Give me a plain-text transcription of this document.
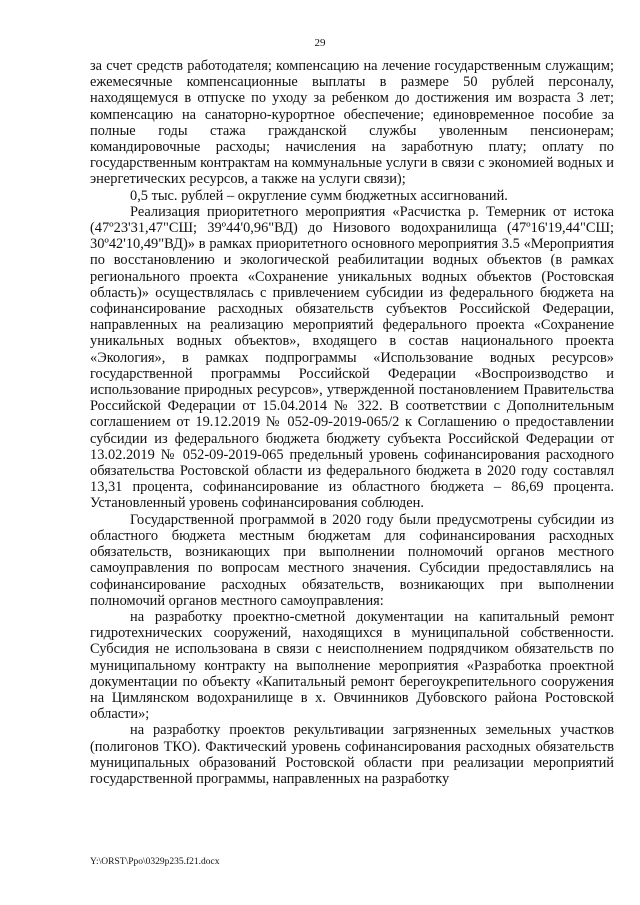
29

за счет средств работодателя; компенсацию на лечение государственным служащим; ежемесячные компенсационные выплаты в размере 50 рублей персоналу, находящемуся в отпуске по уходу за ребенком до достижения им возраста 3 лет; компенсацию на санаторно-курортное обеспечение; единовременное пособие за полные годы стажа гражданской службы уволенным пенсионерам; командировочные расходы; начисления на заработную плату; оплату по государственным контрактам на коммунальные услуги в связи с экономией водных и энергетических ресурсов, а также на услуги связи);

0,5 тыс. рублей – округление сумм бюджетных ассигнований.

Реализация приоритетного мероприятия «Расчистка р. Темерник от истока (47º23'31,47"СШ; 39º44'0,96"ВД) до Низового водохранилища (47º16'19,44"СШ; 30º42'10,49"ВД)» в рамках приоритетного основного мероприятия 3.5 «Мероприятия по восстановлению и экологической реабилитации водных объектов (в рамках регионального проекта «Сохранение уникальных водных объектов (Ростовская область)» осуществлялась с привлечением субсидии из федерального бюджета на софинансирование расходных обязательств субъектов Российской Федерации, направленных на реализацию мероприятий федерального проекта «Сохранение уникальных водных объектов», входящего в состав национального проекта «Экология», в рамках подпрограммы «Использование водных ресурсов» государственной программы Российской Федерации «Воспроизводство и использование природных ресурсов», утвержденной постановлением Правительства Российской Федерации от 15.04.2014 № 322. В соответствии с Дополнительным соглашением от 19.12.2019 № 052-09-2019-065/2 к Соглашению о предоставлении субсидии из федерального бюджета бюджету субъекта Российской Федерации от 13.02.2019 № 052-09-2019-065 предельный уровень софинансирования расходного обязательства Ростовской области из федерального бюджета в 2020 году составлял 13,31 процента, софинансирование из областного бюджета – 86,69 процента. Установленный уровень софинансирования соблюден.

Государственной программой в 2020 году были предусмотрены субсидии из областного бюджета местным бюджетам для софинансирования расходных обязательств, возникающих при выполнении полномочий органов местного самоуправления по вопросам местного значения. Субсидии предоставлялись на софинансирование расходных обязательств, возникающих при выполнении полномочий органов местного самоуправления:

на разработку проектно-сметной документации на капитальный ремонт гидротехнических сооружений, находящихся в муниципальной собственности. Субсидия не использована в связи с неисполнением подрядчиком обязательств по муниципальному контракту на выполнение мероприятия «Разработка проектной документации по объекту «Капитальный ремонт берегоукрепительного сооружения на Цимлянском водохранилище в х. Овчинников Дубовского района Ростовской области»;

на разработку проектов рекультивации загрязненных земельных участков (полигонов ТКО). Фактический уровень софинансирования расходных обязательств муниципальных образований Ростовской области при реализации мероприятий государственной программы, направленных на разработку

Y:\ORST\Ppo\0329p235.f21.docx
